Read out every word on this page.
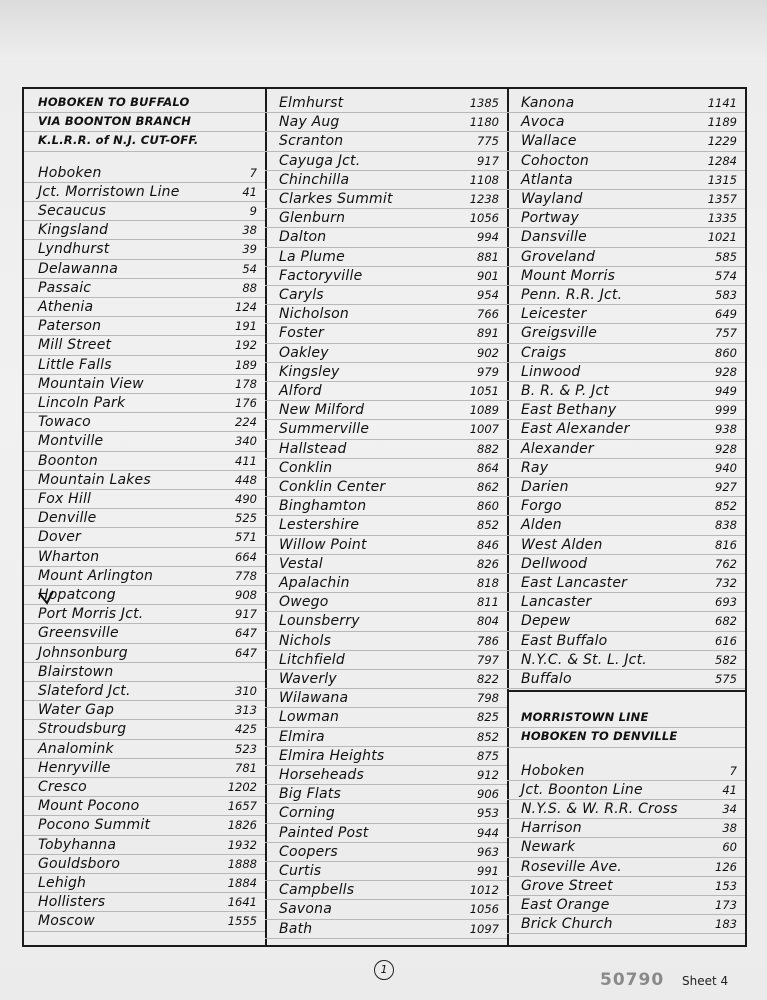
HOBOKEN TO BUFFALO
VIA BOONTON BRANCH
K.L.R.R. of N.J. CUT-OFF.
Hoboken	7
Jct. Morristown Line	41
Secaucus	9
Kingsland	38
Lyndhurst	39
Delawanna	54
Passaic	88
Athenia	124
Paterson	191
Mill Street	192
Little Falls	189
Mountain View	178
Lincoln Park	176
Towaco	224
Montville	340
Boonton	411
Mountain Lakes	448
Fox Hill	490
Denville	525
Dover	571
Wharton	664
Mount Arlington	778
Hopatcong	908
Port Morris Jct.	917
Greensville	647
Johnsonburg	647
Blairstown
Slateford Jct.	310
Water Gap	313
Stroudsburg	425
Analomink	523
Henryville	781
Cresco	1202
Mount Pocono	1657
Pocono Summit	1826
Tobyhanna	1932
Gouldsboro	1888
Lehigh	1884
Hollisters	1641
Moscow	1555
Elmhurst	1385
Nay Aug	1180
Scranton	775
Cayuga Jct.	917
Chinchilla	1108
Clarkes Summit	1238
Glenburn	1056
Dalton	994
La Plume	881
Factoryville	901
Caryls	954
Nicholson	766
Foster	891
Oakley	902
Kingsley	979
Alford	1051
New Milford	1089
Summerville	1007
Hallstead	882
Conklin	864
Conklin Center	862
Binghamton	860
Lestershire	852
Willow Point	846
Vestal	826
Apalachin	818
Owego	811
Lounsberry	804
Nichols	786
Litchfield	797
Waverly	822
Wilawana	798
Lowman	825
Elmira	852
Elmira Heights	875
Horseheads	912
Big Flats	906
Corning	953
Painted Post	944
Coopers	963
Curtis	991
Campbells	1012
Savona	1056
Bath	1097
Kanona	1141
Avoca	1189
Wallace	1229
Cohocton	1284
Atlanta	1315
Wayland	1357
Portway	1335
Dansville	1021
Groveland	585
Mount Morris	574
Penn. R.R. Jct.	583
Leicester	649
Greigsville	757
Craigs	860
Linwood	928
B. R. & P. Jct	949
East Bethany	999
East Alexander	938
Alexander	928
Ray	940
Darien	927
Forgo	852
Alden	838
West Alden	816
Dellwood	762
East Lancaster	732
Lancaster	693
Depew	682
East Buffalo	616
N.Y.C. & St. L. Jct.	582
Buffalo	575
MORRISTOWN LINE
HOBOKEN TO DENVILLE
Hoboken	7
Jct. Boonton Line	41
N.Y.S. & W. R.R. Cross	34
Harrison	38
Newark	60
Roseville Ave.	126
Grove Street	153
East Orange	173
Brick Church	183
1
50790 Sheet 4
